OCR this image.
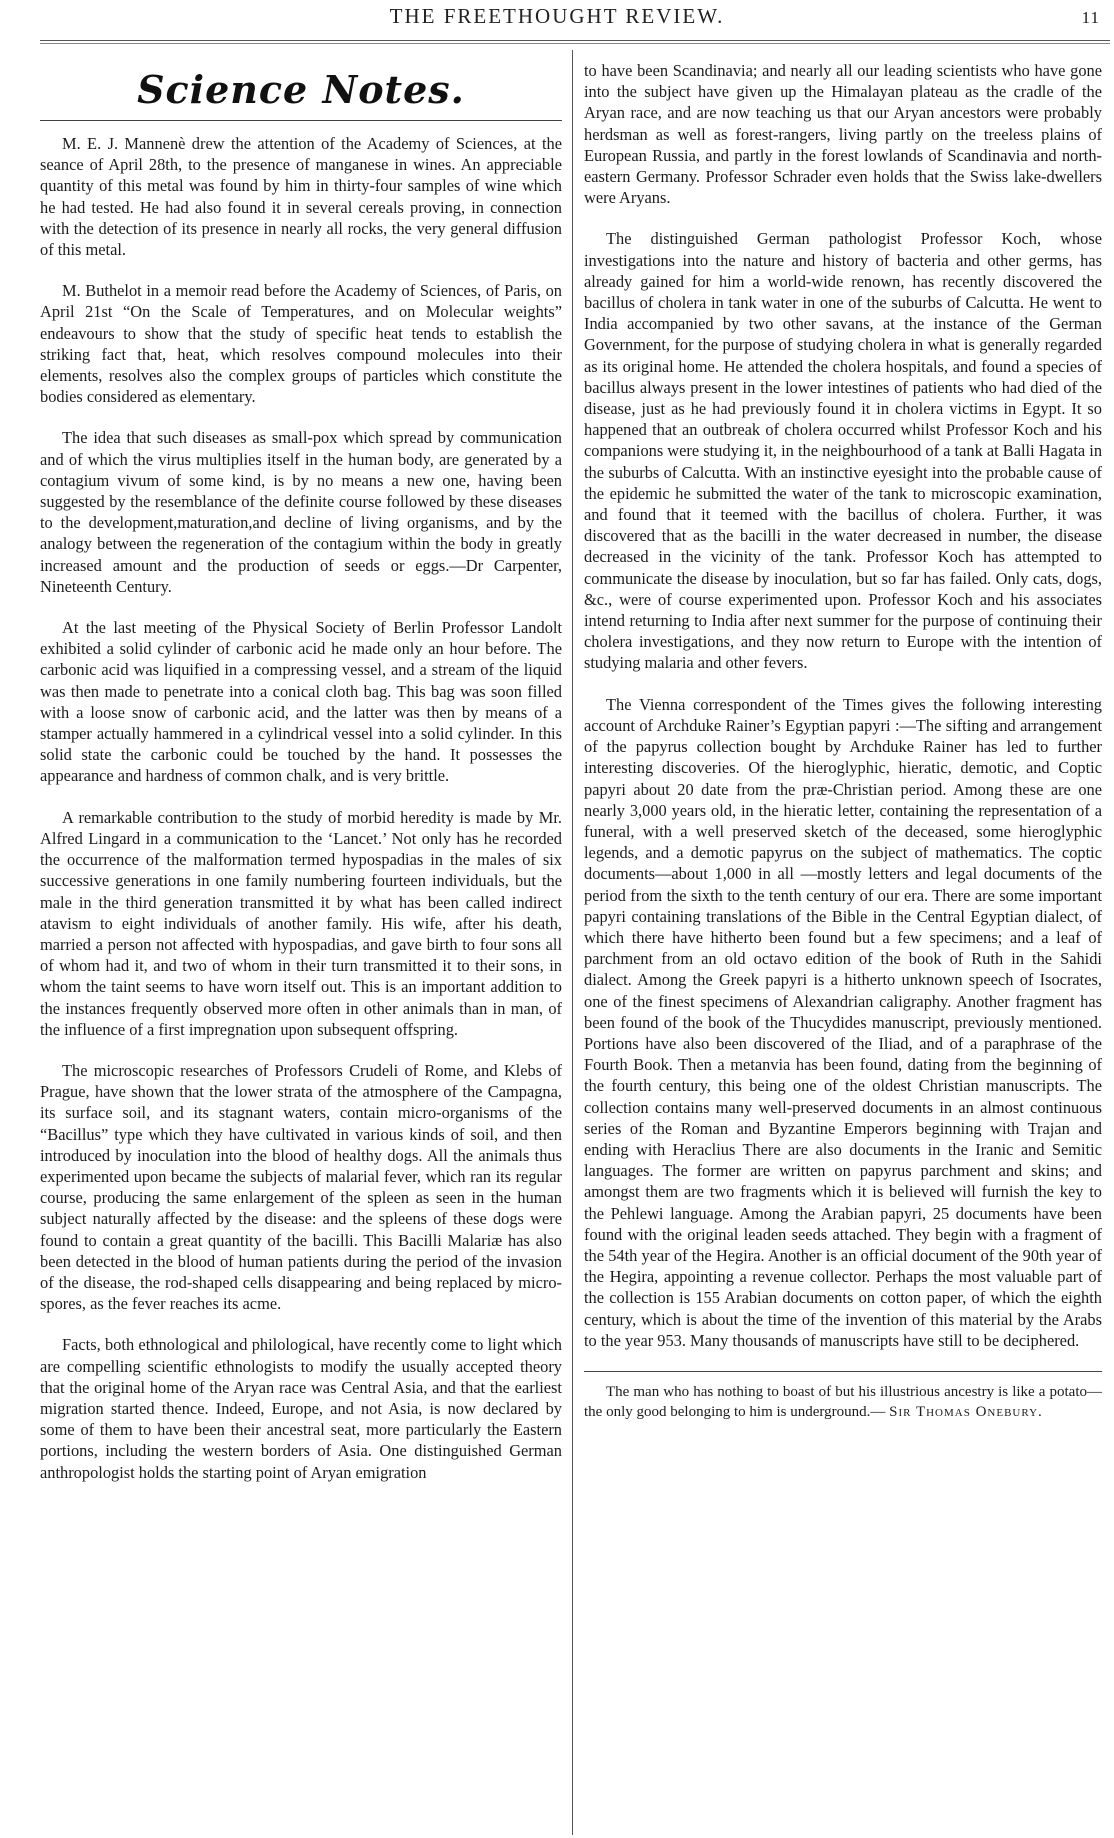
THE FREETHOUGHT REVIEW.	11
Science Notes.

M. E. J. Mannenè drew the attention of the Academy of Sciences, at the seance of April 28th, to the presence of manganese in wines. An appreciable quantity of this metal was found by him in thirty-four samples of wine which he had tested. He had also found it in several cereals proving, in connection with the detection of its presence in nearly all rocks, the very general diffusion of this metal.

M. Buthelot in a memoir read before the Academy of Sciences, of Paris, on April 21st “On the Scale of Temperatures, and on Molecular weights” endeavours to show that the study of specific heat tends to establish the striking fact that, heat, which resolves compound molecules into their elements, resolves also the complex groups of particles which constitute the bodies considered as elementary.

The idea that such diseases as small-pox which spread by communication and of which the virus multiplies itself in the human body, are generated by a contagium vivum of some kind, is by no means a new one, having been suggested by the resemblance of the definite course followed by these diseases to the development,maturation,and decline of living organisms, and by the analogy between the regeneration of the contagium within the body in greatly increased amount and the production of seeds or eggs.—Dr Carpenter, Nineteenth Century.

At the last meeting of the Physical Society of Berlin Professor Landolt exhibited a solid cylinder of carbonic acid he made only an hour before. The carbonic acid was liquified in a compressing vessel, and a stream of the liquid was then made to penetrate into a conical cloth bag. This bag was soon filled with a loose snow of carbonic acid, and the latter was then by means of a stamper actually hammered in a cylindrical vessel into a solid cylinder. In this solid state the carbonic could be touched by the hand. It possesses the appearance and hardness of common chalk, and is very brittle.

A remarkable contribution to the study of morbid heredity is made by Mr. Alfred Lingard in a communication to the ‘Lancet.’ Not only has he recorded the occurrence of the malformation termed hypospadias in the males of six successive generations in one family numbering fourteen individuals, but the male in the third generation transmitted it by what has been called indirect atavism to eight individuals of another family. His wife, after his death, married a person not affected with hypospadias, and gave birth to four sons all of whom had it, and two of whom in their turn transmitted it to their sons, in whom the taint seems to have worn itself out. This is an important addition to the instances frequently observed more often in other animals than in man, of the influence of a first impregnation upon subsequent offspring.

The microscopic researches of Professors Crudeli of Rome, and Klebs of Prague, have shown that the lower strata of the atmosphere of the Campagna, its surface soil, and its stagnant waters, contain micro-organisms of the “Bacillus” type which they have cultivated in various kinds of soil, and then introduced by inoculation into the blood of healthy dogs. All the animals thus experimented upon became the subjects of malarial fever, which ran its regular course, producing the same enlargement of the spleen as seen in the human subject naturally affected by the disease: and the spleens of these dogs were found to contain a great quantity of the bacilli. This Bacilli Malariæ has also been detected in the blood of human patients during the period of the invasion of the disease, the rod-shaped cells disappearing and being replaced by micro-spores, as the fever reaches its acme.

Facts, both ethnological and philological, have recently come to light which are compelling scientific ethnologists to modify the usually accepted theory that the original home of the Aryan race was Central Asia, and that the earliest migration started thence. Indeed, Europe, and not Asia, is now declared by some of them to have been their ancestral seat, more particularly the Eastern portions, including the western borders of Asia. One distinguished German anthropologist holds the starting point of Aryan emigration

to have been Scandinavia; and nearly all our leading scientists who have gone into the subject have given up the Himalayan plateau as the cradle of the Aryan race, and are now teaching us that our Aryan ancestors were probably herdsman as well as forest-rangers, living partly on the treeless plains of European Russia, and partly in the forest lowlands of Scandinavia and north-eastern Germany. Professor Schrader even holds that the Swiss lake-dwellers were Aryans.

The distinguished German pathologist Professor Koch, whose investigations into the nature and history of bacteria and other germs, has already gained for him a world-wide renown, has recently discovered the bacillus of cholera in tank water in one of the suburbs of Calcutta. He went to India accompanied by two other savans, at the instance of the German Government, for the purpose of studying cholera in what is generally regarded as its original home. He attended the cholera hospitals, and found a species of bacillus always present in the lower intestines of patients who had died of the disease, just as he had previously found it in cholera victims in Egypt. It so happened that an outbreak of cholera occurred whilst Professor Koch and his companions were studying it, in the neighbourhood of a tank at Balli Hagata in the suburbs of Calcutta. With an instinctive eyesight into the probable cause of the epidemic he submitted the water of the tank to microscopic examination, and found that it teemed with the bacillus of cholera. Further, it was discovered that as the bacilli in the water decreased in number, the disease decreased in the vicinity of the tank. Professor Koch has attempted to communicate the disease by inoculation, but so far has failed. Only cats, dogs, &c., were of course experimented upon. Professor Koch and his associates intend returning to India after next summer for the purpose of continuing their cholera investigations, and they now return to Europe with the intention of studying malaria and other fevers.

The Vienna correspondent of the Times gives the following interesting account of Archduke Rainer’s Egyptian papyri :—The sifting and arrangement of the papyrus collection bought by Archduke Rainer has led to further interesting discoveries. Of the hieroglyphic, hieratic, demotic, and Coptic papyri about 20 date from the præ-Christian period. Among these are one nearly 3,000 years old, in the hieratic letter, containing the representation of a funeral, with a well preserved sketch of the deceased, some hieroglyphic legends, and a demotic papyrus on the subject of mathematics. The coptic documents—about 1,000 in all —mostly letters and legal documents of the period from the sixth to the tenth century of our era. There are some important papyri containing translations of the Bible in the Central Egyptian dialect, of which there have hitherto been found but a few specimens; and a leaf of parchment from an old octavo edition of the book of Ruth in the Sahidi dialect. Among the Greek papyri is a hitherto unknown speech of Isocrates, one of the finest specimens of Alexandrian caligraphy. Another fragment has been found of the book of the Thucydides manuscript, previously mentioned. Portions have also been discovered of the Iliad, and of a paraphrase of the Fourth Book. Then a metanvia has been found, dating from the beginning of the fourth century, this being one of the oldest Christian manuscripts. The collection contains many well-preserved documents in an almost continuous series of the Roman and Byzantine Emperors beginning with Trajan and ending with Heraclius There are also documents in the Iranic and Semitic languages. The former are written on papyrus parchment and skins; and amongst them are two fragments which it is believed will furnish the key to the Pehlewi language. Among the Arabian papyri, 25 documents have been found with the original leaden seeds attached. They begin with a fragment of the 54th year of the Hegira. Another is an official document of the 90th year of the Hegira, appointing a revenue collector. Perhaps the most valuable part of the collection is 155 Arabian documents on cotton paper, of which the eighth century, which is about the time of the invention of this material by the Arabs to the year 953. Many thousands of manuscripts have still to be deciphered.

The man who has nothing to boast of but his illustrious ancestry is like a potato—the only good belonging to him is underground.— Sir Thomas Onebury.
